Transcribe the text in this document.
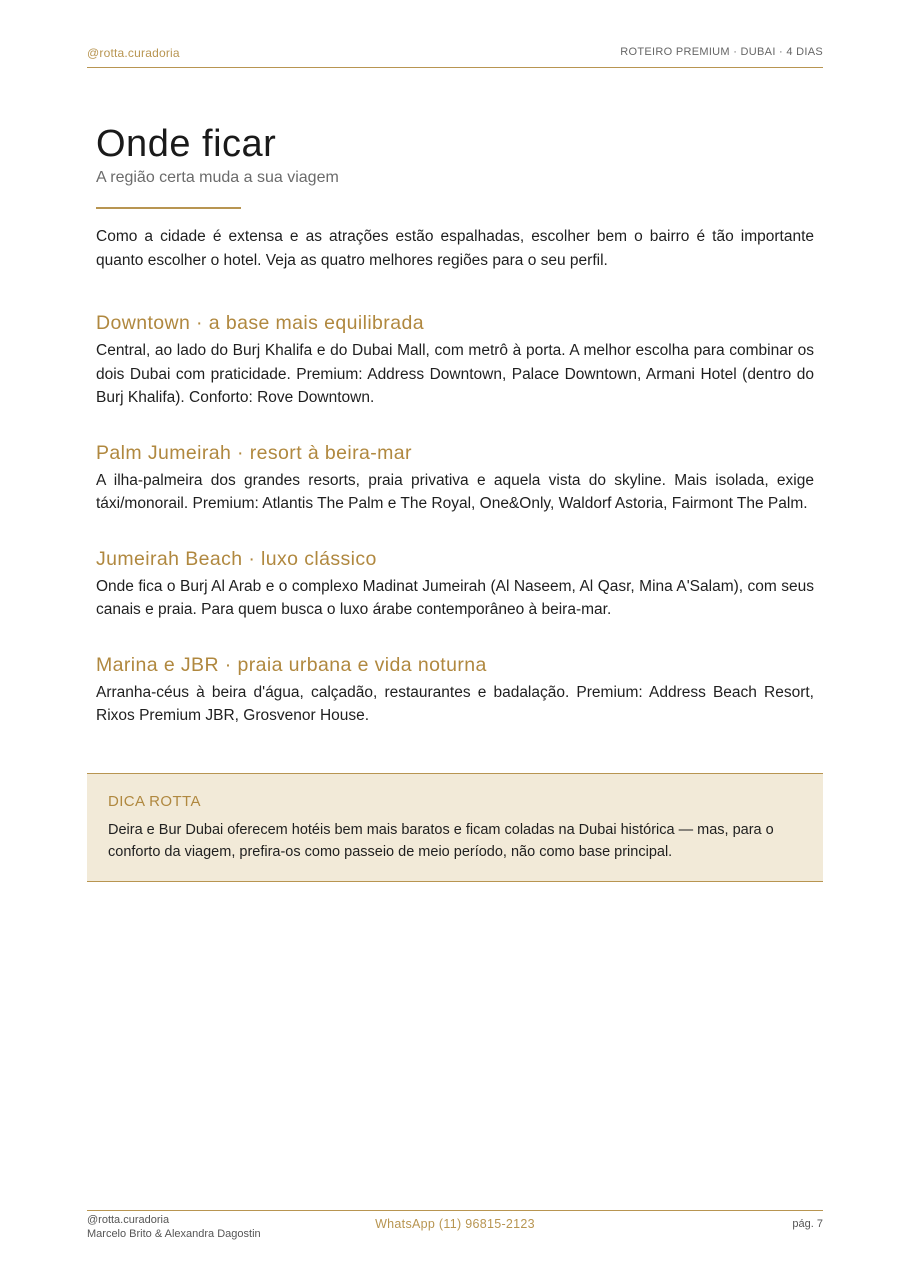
@rotta.curadoria	ROTEIRO PREMIUM · DUBAI · 4 DIAS
Onde ficar
A região certa muda a sua viagem

Como a cidade é extensa e as atrações estão espalhadas, escolher bem o bairro é tão importante quanto escolher o hotel. Veja as quatro melhores regiões para o seu perfil.

Downtown · a base mais equilibrada

Central, ao lado do Burj Khalifa e do Dubai Mall, com metrô à porta. A melhor escolha para combinar os dois Dubai com praticidade. Premium: Address Downtown, Palace Downtown, Armani Hotel (dentro do Burj Khalifa). Conforto: Rove Downtown.

Palm Jumeirah · resort à beira-mar

A ilha-palmeira dos grandes resorts, praia privativa e aquela vista do skyline. Mais isolada, exige táxi/monorail. Premium: Atlantis The Palm e The Royal, One&Only, Waldorf Astoria, Fairmont The Palm.

Jumeirah Beach · luxo clássico

Onde fica o Burj Al Arab e o complexo Madinat Jumeirah (Al Naseem, Al Qasr, Mina A'Salam), com seus canais e praia. Para quem busca o luxo árabe contemporâneo à beira-mar.

Marina e JBR · praia urbana e vida noturna

Arranha-céus à beira d'água, calçadão, restaurantes e badalação. Premium: Address Beach Resort, Rixos Premium JBR, Grosvenor House.

DICA ROTTA
Deira e Bur Dubai oferecem hotéis bem mais baratos e ficam coladas na Dubai histórica — mas, para o conforto da viagem, prefira-os como passeio de meio período, não como base principal.
@rotta.curadoria
Marcelo Brito & Alexandra Dagostin
WhatsApp (11) 96815-2123	pág. 7
